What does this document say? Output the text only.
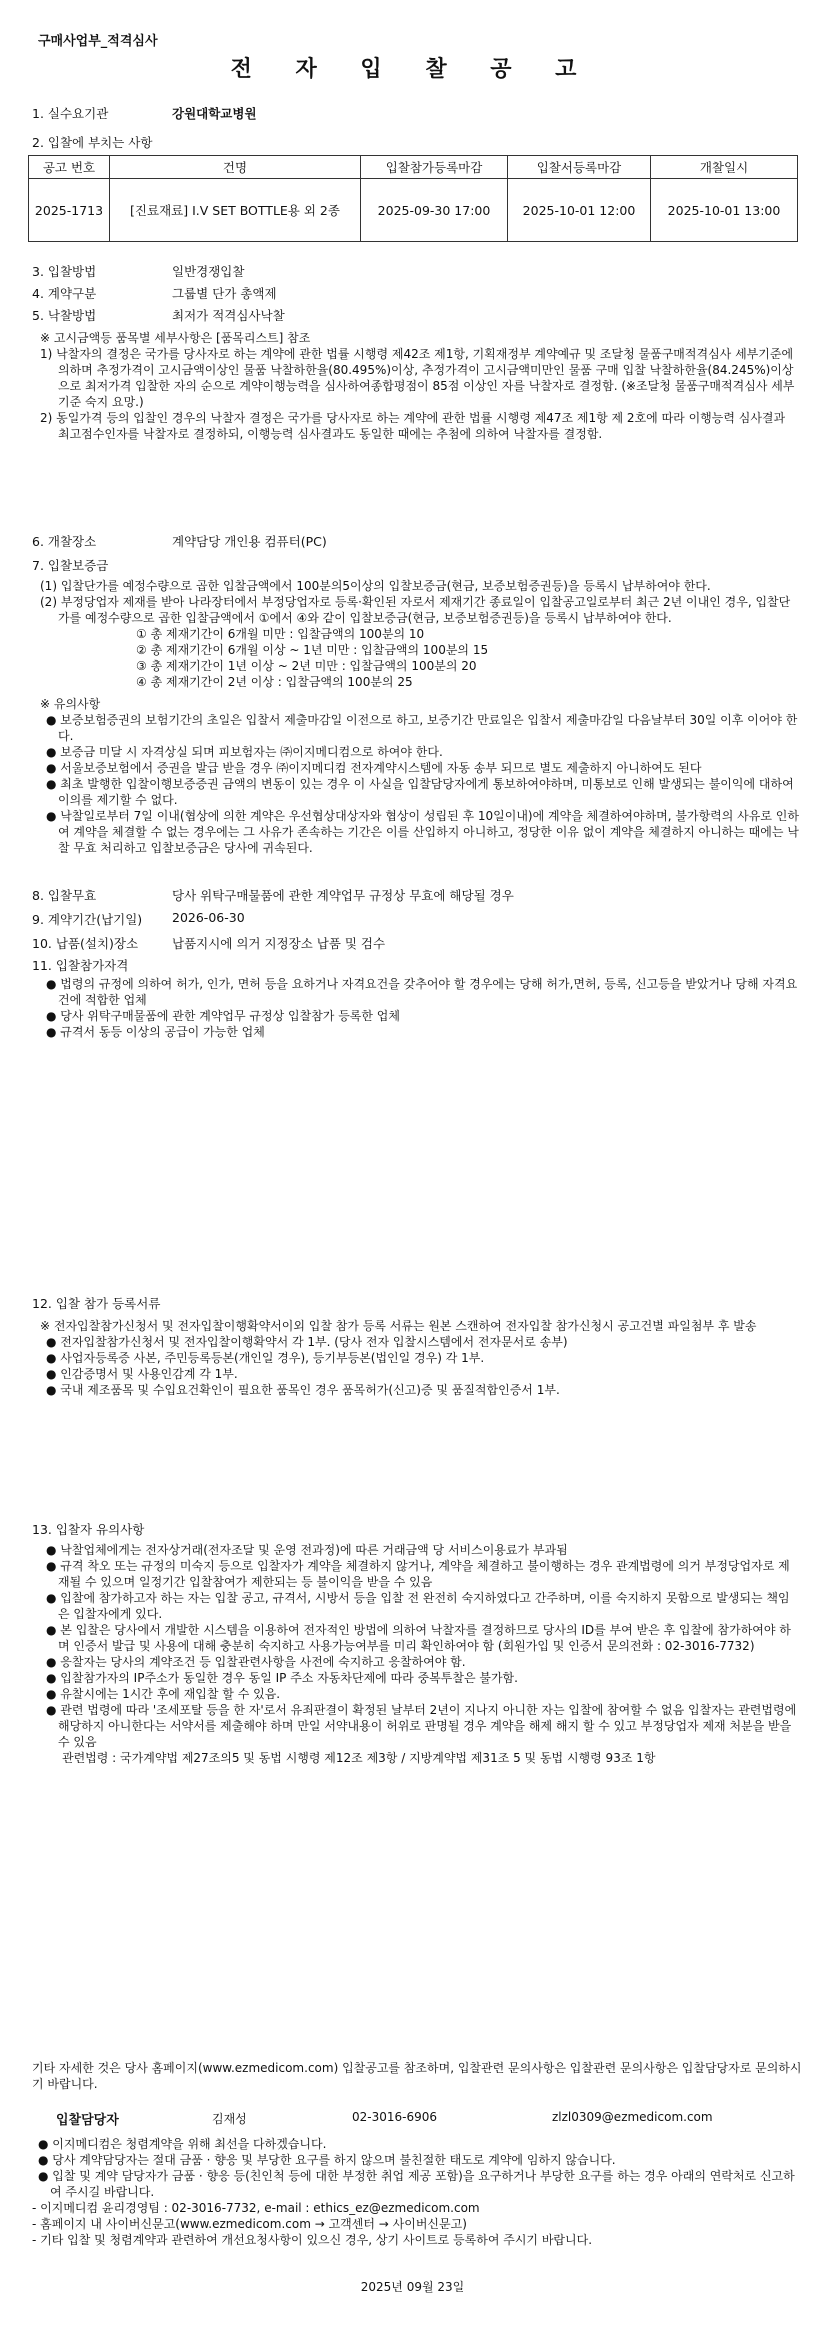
구매사업부_적격심사
전 자 입 찰 공 고
1. 실수요기관	강원대학교병원
2. 입찰에 부치는 사항
공고 번호	건명	입찰참가등록마감	입찰서등록마감	개찰일시
2025-1713	[진료재료] I.V SET BOTTLE용 외 2종	2025-09-30 17:00	2025-10-01 12:00	2025-10-01 13:00
3. 입찰방법	일반경쟁입찰
4. 계약구분	그룹별 단가 총액제
5. 낙찰방법	최저가 적격심사낙찰
※ 고시금액등 품목별 세부사항은 [품목리스트] 참조
1) 낙찰자의 결정은 국가를 당사자로 하는 계약에 관한 법률 시행령 제42조 제1항, 기획재정부 계약예규 및 조달청 물품구매적격심사 세부기준에 의하며 추정가격이 고시금액이상인 물품 낙찰하한율(80.495%)이상, 추정가격이 고시금액미만인 물품 구매 입찰 낙찰하한율(84.245%)이상으로 최저가격 입찰한 자의 순으로 계약이행능력을 심사하여종합평점이 85점 이상인 자를 낙찰자로 결정함. (※조달청 물품구매적격심사 세부기준 숙지 요망.)
2) 동일가격 등의 입찰인 경우의 낙찰자 결정은 국가를 당사자로 하는 계약에 관한 법률 시행령 제47조 제1항 제 2호에 따라 이행능력 심사결과 최고점수인자를 낙찰자로 결정하되, 이행능력 심사결과도 동일한 때에는 추첨에 의하여 낙찰자를 결정함.
6. 개찰장소	계약담당 개인용 컴퓨터(PC)
7. 입찰보증금
(1) 입찰단가를 예정수량으로 곱한 입찰금액에서 100분의5이상의 입찰보증금(현금, 보증보험증권등)을 등록시 납부하여야 한다.
(2) 부정당업자 제재를 받아 나라장터에서 부정당업자로 등록·확인된 자로서 제재기간 종료일이 입찰공고일로부터 최근 2년 이내인 경우, 입찰단가를 예정수량으로 곱한 입찰금액에서 ①에서 ④와 같이 입찰보증금(현금, 보증보험증권등)을 등록시 납부하여야 한다.
① 총 제재기간이 6개월 미만 : 입찰금액의 100분의 10
② 총 제재기간이 6개월 이상 ~ 1년 미만 : 입찰금액의 100분의 15
③ 총 제재기간이 1년 이상 ~ 2년 미만 : 입찰금액의 100분의 20
④ 총 제재기간이 2년 이상 : 입찰금액의 100분의 25
※ 유의사항
● 보증보험증권의 보험기간의 초일은 입찰서 제출마감일 이전으로 하고, 보증기간 만료일은 입찰서 제출마감일 다음날부터 30일 이후 이어야 한다.
● 보증금 미달 시 자격상실 되며 피보험자는 ㈜이지메디컴으로 하여야 한다.
● 서울보증보험에서 증권을 발급 받을 경우 ㈜이지메디컴 전자계약시스템에 자동 송부 되므로 별도 제출하지 아니하여도 된다
● 최초 발행한 입찰이행보증증권 금액의 변동이 있는 경우 이 사실을 입찰담당자에게 통보하여야하며, 미통보로 인해 발생되는 불이익에 대하여 이의를 제기할 수 없다.
● 낙찰일로부터 7일 이내(협상에 의한 계약은 우선협상대상자와 협상이 성립된 후 10일이내)에 계약을 체결하여야하며, 불가항력의 사유로 인하여 계약을 체결할 수 없는 경우에는 그 사유가 존속하는 기간은 이를 산입하지 아니하고, 정당한 이유 없이 계약을 체결하지 아니하는 때에는 낙찰 무효 처리하고 입찰보증금은 당사에 귀속된다.
8. 입찰무효	당사 위탁구매물품에 관한 계약업무 규정상 무효에 해당될 경우
9. 계약기간(납기일) 2026-06-30
10. 납품(설치)장소	납품지시에 의거 지정장소 납품 및 검수
11. 입찰참가자격
● 법령의 규정에 의하여 허가, 인가, 면허 등을 요하거나 자격요건을 갖추어야 할 경우에는 당해 허가,면허, 등록, 신고등을 받았거나 당해 자격요건에 적합한 업체
● 당사 위탁구매물품에 관한 계약업무 규정상 입찰참가 등록한 업체
● 규격서 동등 이상의 공급이 가능한 업체
12. 입찰 참가 등록서류
※ 전자입찰참가신청서 및 전자입찰이행확약서이외 입찰 참가 등록 서류는 원본 스캔하여 전자입찰 참가신청시 공고건별 파일첨부 후 발송
● 전자입찰참가신청서 및 전자입찰이행확약서 각 1부. (당사 전자 입찰시스템에서 전자문서로 송부)
● 사업자등록증 사본, 주민등록등본(개인일 경우), 등기부등본(법인일 경우) 각 1부.
● 인감증명서 및 사용인감계 각 1부.
● 국내 제조품목 및 수입요건확인이 필요한 품목인 경우 품목허가(신고)증 및 품질적합인증서 1부.
13. 입찰자 유의사항
● 낙찰업체에게는 전자상거래(전자조달 및 운영 전과정)에 따른 거래금액 당 서비스이용료가 부과됨
● 규격 착오 또는 규정의 미숙지 등으로 입찰자가 계약을 체결하지 않거나, 계약을 체결하고 불이행하는 경우 관계법령에 의거 부정당업자로 제재될 수 있으며 일정기간 입찰참여가 제한되는 등 불이익을 받을 수 있음
● 입찰에 참가하고자 하는 자는 입찰 공고, 규격서, 시방서 등을 입찰 전 완전히 숙지하였다고 간주하며, 이를 숙지하지 못함으로 발생되는 책임은 입찰자에게 있다.
● 본 입찰은 당사에서 개발한 시스템을 이용하여 전자적인 방법에 의하여 낙찰자를 결정하므로 당사의 ID를 부여 받은 후 입찰에 참가하여야 하며 인증서 발급 및 사용에 대해 충분히 숙지하고 사용가능여부를 미리 확인하여야 함 (회원가입 및 인증서 문의전화 : 02-3016-7732)
● 응찰자는 당사의 계약조건 등 입찰관련사항을 사전에 숙지하고 응찰하여야 함.
● 입찰참가자의 IP주소가 동일한 경우 동일 IP 주소 자동차단제에 따라 중복투찰은 불가함.
● 유찰시에는 1시간 후에 재입찰 할 수 있음.
● 관련 법령에 따라 '조세포탈 등을 한 자'로서 유죄판결이 확정된 날부터 2년이 지나지 아니한 자는 입찰에 참여할 수 없음 입찰자는 관련법령에 해당하지 아니한다는 서약서를 제출해야 하며 만일 서약내용이 허위로 판명될 경우 계약을 해제 해지 할 수 있고 부정당업자 제재 처분을 받을 수 있음
관련법령 : 국가계약법 제27조의5 및 동법 시행령 제12조 제3항 / 지방계약법 제31조 5 및 동법 시행령 93조 1항
기타 자세한 것은 당사 홈페이지(www.ezmedicom.com) 입찰공고를 참조하며, 입찰관련 문의사항은 입찰관련 문의사항은 입찰담당자로 문의하시기 바랍니다.
입찰담당자	김재성	02-3016-6906	zlzl0309@ezmedicom.com
● 이지메디컴은 청렴계약을 위해 최선을 다하겠습니다.
● 당사 계약담당자는 절대 금품 · 향응 및 부당한 요구를 하지 않으며 불친절한 태도로 계약에 임하지 않습니다.
● 입찰 및 계약 담당자가 금품 · 향응 등(친인척 등에 대한 부정한 취업 제공 포함)을 요구하거나 부당한 요구를 하는 경우 아래의 연락처로 신고하여 주시길 바랍니다.
- 이지메디컴 윤리경영팀 : 02-3016-7732, e-mail : ethics_ez@ezmedicom.com
- 홈페이지 내 사이버신문고(www.ezmedicom.com → 고객센터 → 사이버신문고)
- 기타 입찰 및 청렴계약과 관련하여 개선요청사항이 있으신 경우, 상기 사이트로 등록하여 주시기 바랍니다.
2025년 09월 23일
